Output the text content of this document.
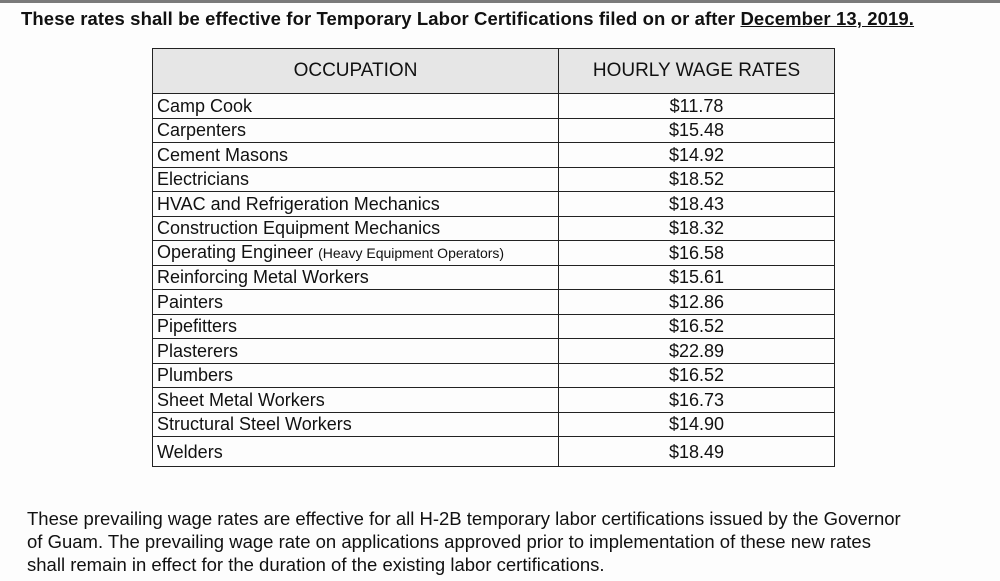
These rates shall be effective for Temporary Labor Certifications filed on or after December 13, 2019.
OCCUPATION	HOURLY WAGE RATES
Camp Cook	$11.78
Carpenters	$15.48
Cement Masons	$14.92
Electricians	$18.52
HVAC and Refrigeration Mechanics	$18.43
Construction Equipment Mechanics	$18.32
Operating Engineer (Heavy Equipment Operators)	$16.58
Reinforcing Metal Workers	$15.61
Painters	$12.86
Pipefitters	$16.52
Plasterers	$22.89
Plumbers	$16.52
Sheet Metal Workers	$16.73
Structural Steel Workers	$14.90
Welders	$18.49
These prevailing wage rates are effective for all H-2B temporary labor certifications issued by the Governor
of Guam. The prevailing wage rate on applications approved prior to implementation of these new rates
shall remain in effect for the duration of the existing labor certifications.
